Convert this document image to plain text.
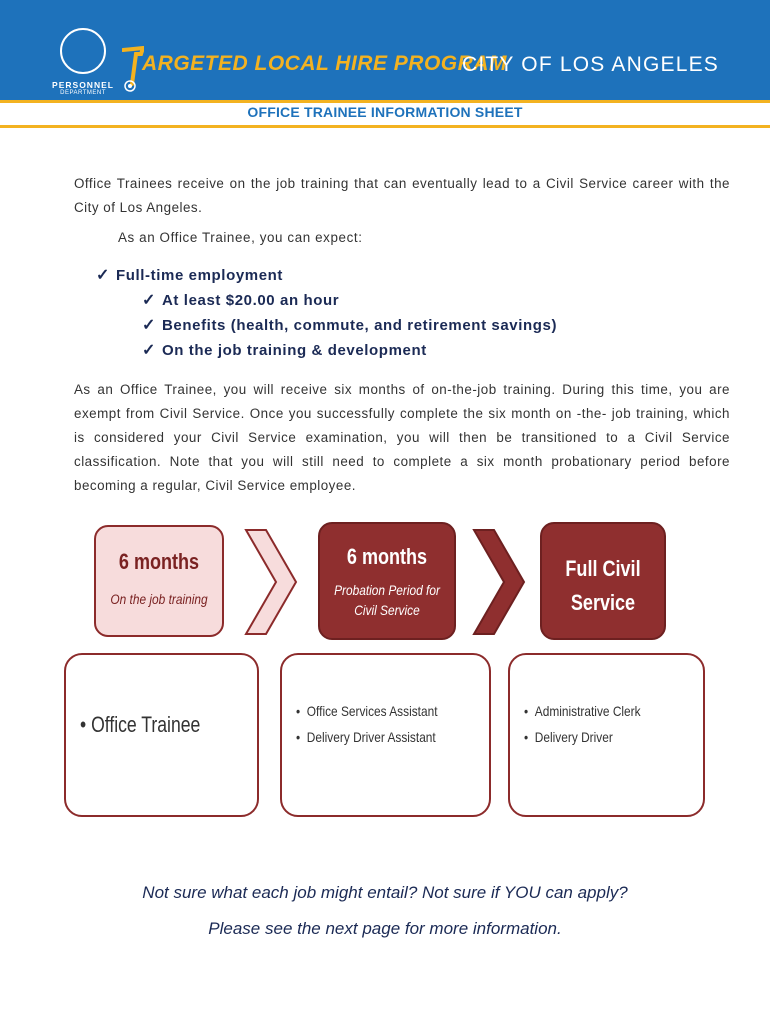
PERSONNEL
DEPARTMENT
ARGETED LOCAL HIRE PROGRAM
CITY OF LOS ANGELES
OFFICE TRAINEE INFORMATION SHEET
Office Trainees receive on the job training that can eventually lead to a Civil Service career with the City of Los Angeles.
As an Office Trainee, you can expect:
✓ Full-time employment
✓ At least $20.00 an hour
✓ Benefits (health, commute, and retirement savings)
✓ On the job training & development
As an Office Trainee, you will receive six months of on-the-job training. During this time, you are exempt from Civil Service. Once you successfully complete the six month on -the- job training, which is considered your Civil Service examination, you will then be transitioned to a Civil Service classification. Note that you will still need to complete a six month probationary period before becoming a regular, Civil Service employee.
6 months
On the job training
6 months
Probation Period for Civil Service
Full Civil Service
• Office Trainee
•  Office Services Assistant
•  Delivery Driver Assistant
•  Administrative Clerk
•  Delivery Driver
Not sure what each job might entail? Not sure if YOU can apply?
Please see the next page for more information.
